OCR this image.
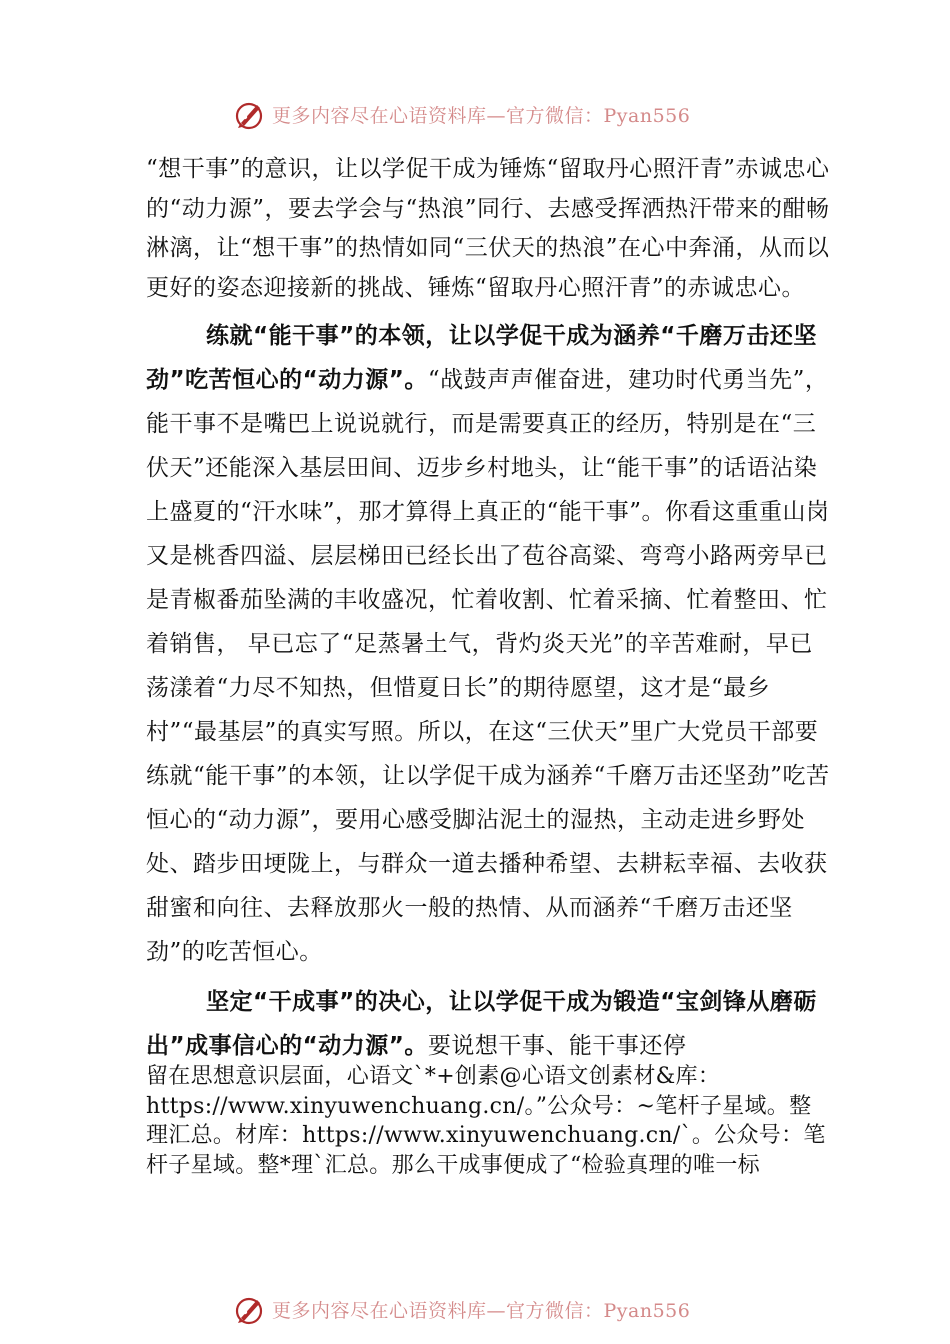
更多内容尽在心语资料库—官方微信：Pyan556

“想干事”的意识，让以学促干成为锤炼“留取丹心照汗青”赤诚忠心的“动力源”，要去学会与“热浪”同行、去感受挥洒热汗带来的酣畅淋漓，让“想干事”的热情如同“三伏天的热浪”在心中奔涌，从而以更好的姿态迎接新的挑战、锤炼“留取丹心照汗青”的赤诚忠心。

练就“能干事”的本领，让以学促干成为涵养“千磨万击还坚劲”吃苦恒心的“动力源”。“战鼓声声催奋进，建功时代勇当先”，能干事不是嘴巴上说说就行，而是需要真正的经历，特别是在“三伏天”还能深入基层田间、迈步乡村地头，让“能干事”的话语沾染上盛夏的“汗水味”，那才算得上真正的“能干事”。你看这重重山岗又是桃香四溢、层层梯田已经长出了苞谷高粱、弯弯小路两旁早已是青椒番茄坠满的丰收盛况，忙着收割、忙着采摘、忙着整田、忙着销售， 早已忘了“足蒸暑土气，背灼炎天光”的辛苦难耐，早已荡漾着“力尽不知热，但惜夏日长”的期待愿望，这才是“最乡村”“最基层”的真实写照。所以，在这“三伏天”里广大党员干部要练就“能干事”的本领，让以学促干成为涵养“千磨万击还坚劲”吃苦恒心的“动力源”，要用心感受脚沾泥土的湿热，主动走进乡野处处、踏步田埂陇上，与群众一道去播种希望、去耕耘幸福、去收获甜蜜和向往、去释放那火一般的热情、从而涵养“千磨万击还坚劲”的吃苦恒心。

坚定“干成事”的决心，让以学促干成为锻造“宝剑锋从磨砺出”成事信心的“动力源”。要说想干事、能干事还停

留在思想意识层面，心语文`*+创素@心语文创素材&库：https://www.xinyuwenchuang.cn/。”公众号：~笔杆子星域。整理汇总。材库：https://www.xinyuwenchuang.cn/`。公众号：笔杆子星域。整*理`汇总。那么干成事便成了“检验真理的唯一标

更多内容尽在心语资料库—官方微信：Pyan556
